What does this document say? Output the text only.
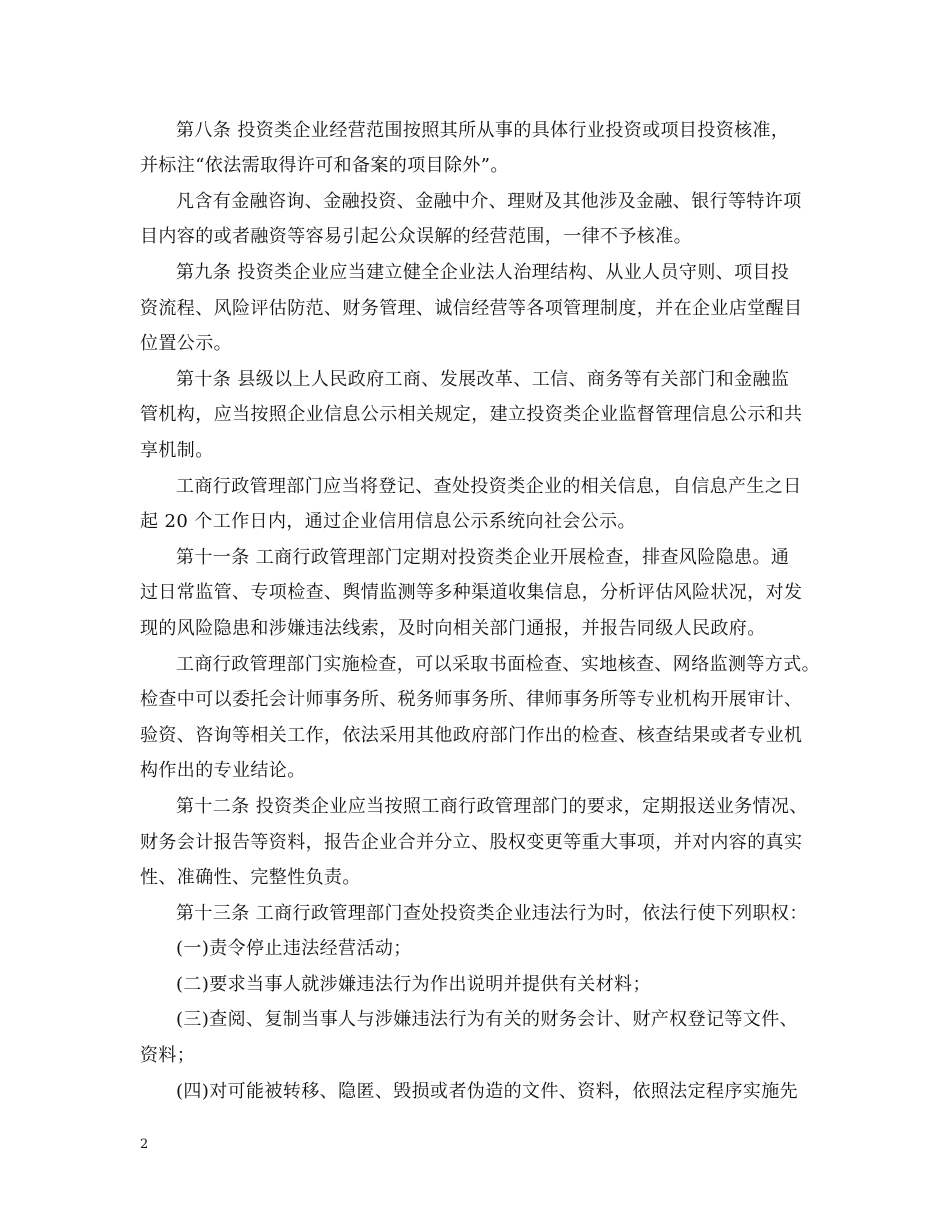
第八条 投资类企业经营范围按照其所从事的具体行业投资或项目投资核准，
并标注“依法需取得许可和备案的项目除外”。
凡含有金融咨询、金融投资、金融中介、理财及其他涉及金融、银行等特许项
目内容的或者融资等容易引起公众误解的经营范围，一律不予核准。
第九条 投资类企业应当建立健全企业法人治理结构、从业人员守则、项目投
资流程、风险评估防范、财务管理、诚信经营等各项管理制度，并在企业店堂醒目
位置公示。
第十条 县级以上人民政府工商、发展改革、工信、商务等有关部门和金融监
管机构，应当按照企业信息公示相关规定，建立投资类企业监督管理信息公示和共
享机制。
工商行政管理部门应当将登记、查处投资类企业的相关信息，自信息产生之日
起 20 个工作日内，通过企业信用信息公示系统向社会公示。
第十一条 工商行政管理部门定期对投资类企业开展检查，排查风险隐患。通
过日常监管、专项检查、舆情监测等多种渠道收集信息，分析评估风险状况，对发
现的风险隐患和涉嫌违法线索，及时向相关部门通报，并报告同级人民政府。
工商行政管理部门实施检查，可以采取书面检查、实地核查、网络监测等方式。
检查中可以委托会计师事务所、税务师事务所、律师事务所等专业机构开展审计、
验资、咨询等相关工作，依法采用其他政府部门作出的检查、核查结果或者专业机
构作出的专业结论。
第十二条 投资类企业应当按照工商行政管理部门的要求，定期报送业务情况、
财务会计报告等资料，报告企业合并分立、股权变更等重大事项，并对内容的真实
性、准确性、完整性负责。
第十三条 工商行政管理部门查处投资类企业违法行为时，依法行使下列职权：
(一)责令停止违法经营活动；
(二)要求当事人就涉嫌违法行为作出说明并提供有关材料；
(三)查阅、复制当事人与涉嫌违法行为有关的财务会计、财产权登记等文件、
资料；
(四)对可能被转移、隐匿、毁损或者伪造的文件、资料，依照法定程序实施先
2
